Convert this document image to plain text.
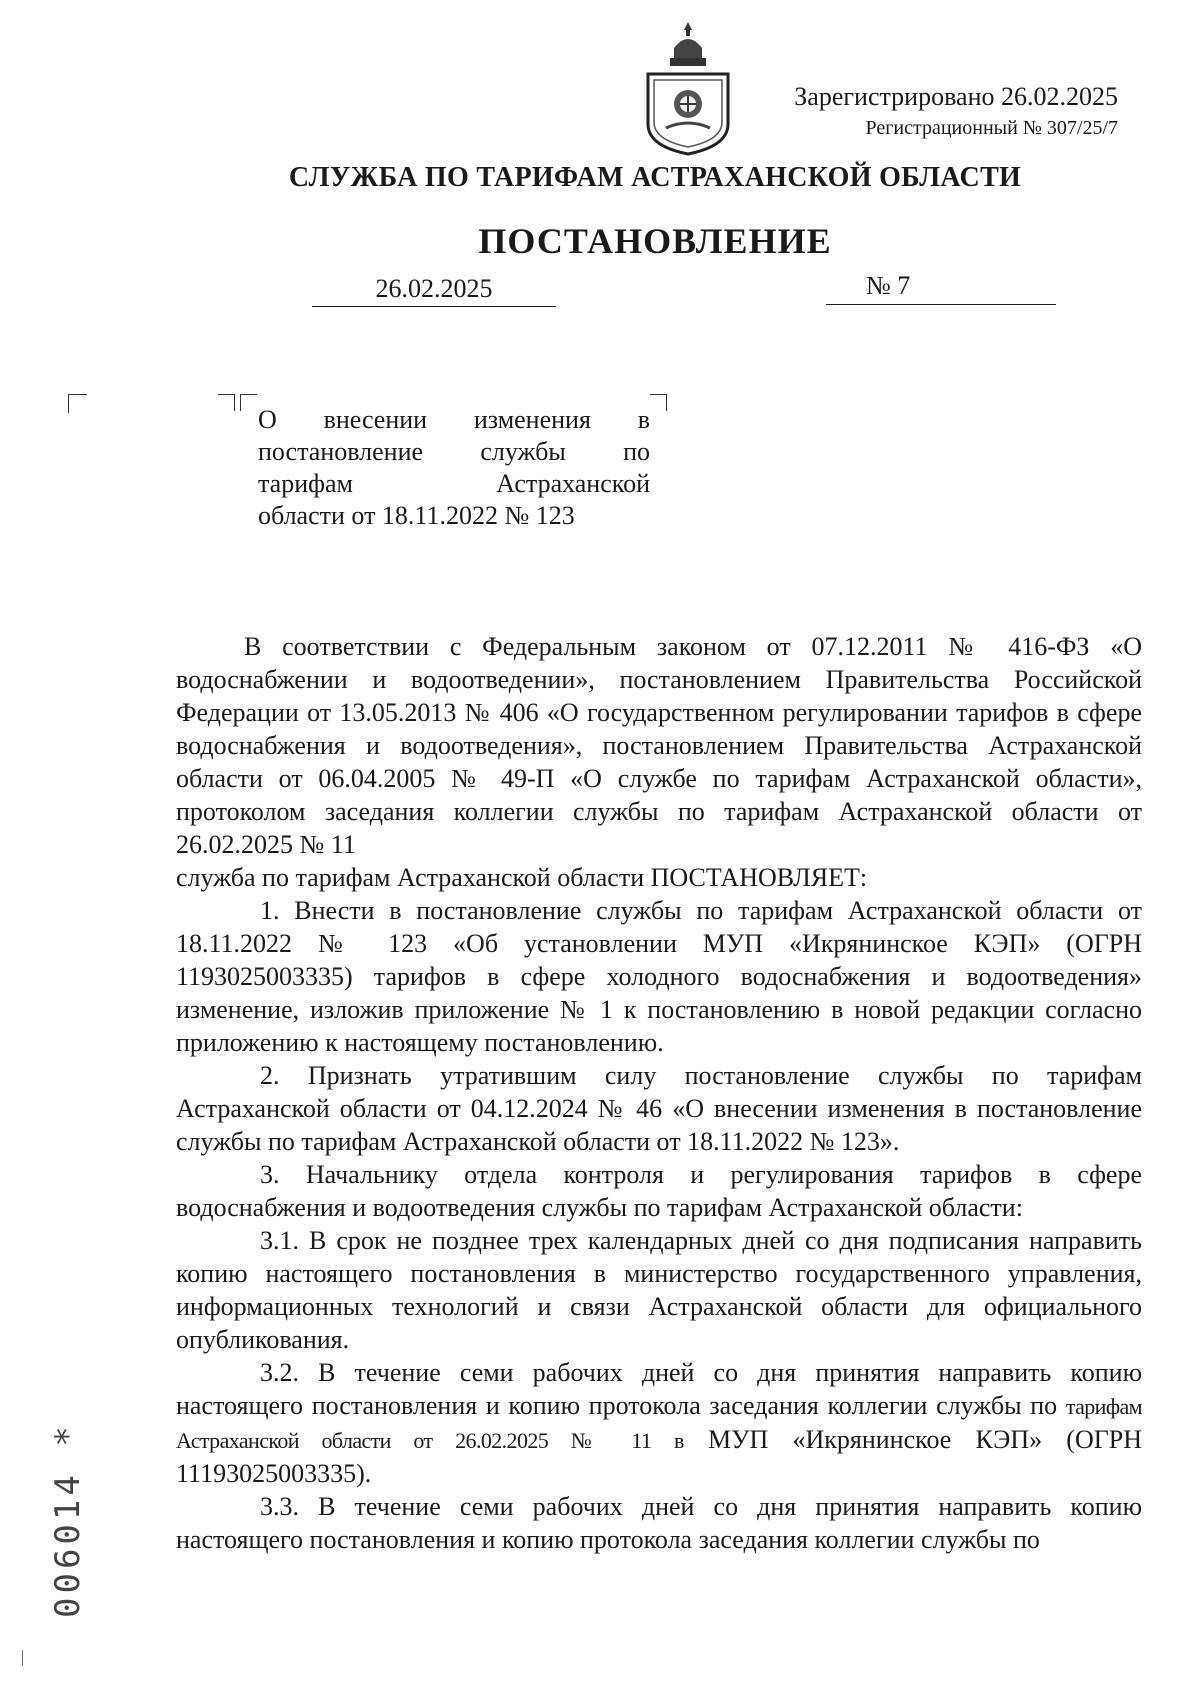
Зарегистрировано 26.02.2025
Регистрационный № 307/25/7
СЛУЖБА ПО ТАРИФАМ АСТРАХАНСКОЙ ОБЛАСТИ
ПОСТАНОВЛЕНИЕ
26.02.2025	№ 7
О внесении изменения в
постановление службы по
тарифам Астраханской

области от 18.11.2022 № 123

В соответствии с Федеральным законом от 07.12.2011 № 416-ФЗ «О водоснабжении и водоотведении», постановлением Правительства Российской Федерации от 13.05.2013 № 406 «О государственном регулировании тарифов в сфере водоснабжения и водоотведения», постановлением Правительства Астраханской области от 06.04.2005 № 49-П «О службе по тарифам Астраханской области», протоколом заседания коллегии службы по тарифам Астраханской области от 26.02.2025 № 11

служба по тарифам Астраханской области ПОСТАНОВЛЯЕТ:

1. Внести в постановление службы по тарифам Астраханской области от 18.11.2022 № 123 «Об установлении МУП «Икрянинское КЭП» (ОГРН 1193025003335) тарифов в сфере холодного водоснабжения и водоотведения» изменение, изложив приложение № 1 к постановлению в новой редакции согласно приложению к настоящему постановлению.

2. Признать утратившим силу постановление службы по тарифам Астраханской области от 04.12.2024 № 46 «О внесении изменения в постановление службы по тарифам Астраханской области от 18.11.2022 № 123».

3. Начальнику отдела контроля и регулирования тарифов в сфере водоснабжения и водоотведения службы по тарифам Астраханской области:

3.1. В срок не позднее трех календарных дней со дня подписания направить копию настоящего постановления в министерство государственного управления, информационных технологий и связи Астраханской области для официального опубликования.

3.2. В течение семи рабочих дней со дня принятия направить копию настоящего постановления и копию протокола заседания коллегии службы по тарифам Астраханской области от 26.02.2025 № 11 в МУП «Икрянинское КЭП» (ОГРН 11193025003335).

3.3. В течение семи рабочих дней со дня принятия направить копию настоящего постановления и копию протокола заседания коллегии службы по

006014 *
